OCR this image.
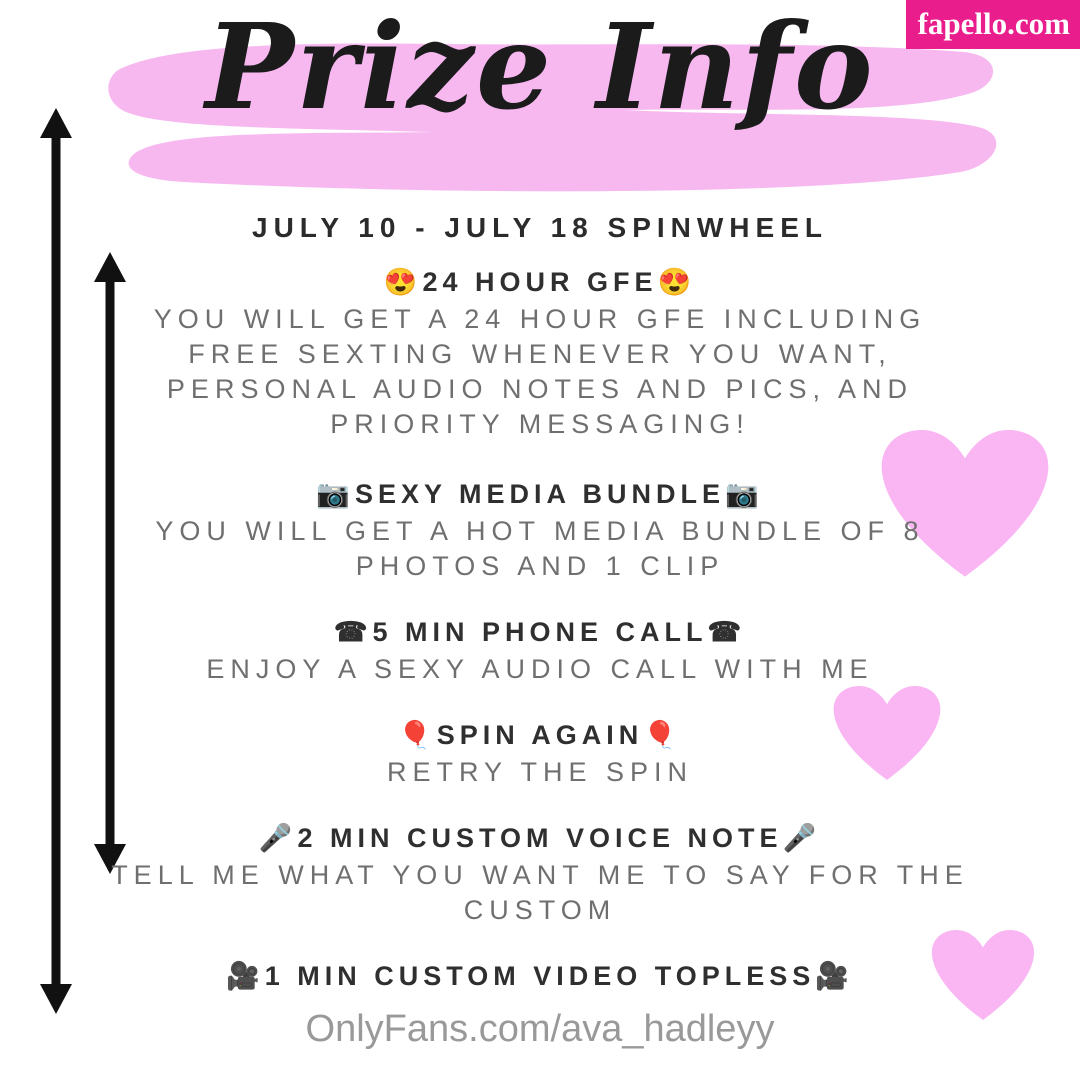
fapello.com
Prize Info

JULY 10 - JULY 18 SPINWHEEL

😍24 HOUR GFE😍

YOU WILL GET A 24 HOUR GFE INCLUDING FREE SEXTING WHENEVER YOU WANT, PERSONAL AUDIO NOTES AND PICS, AND PRIORITY MESSAGING!

📷SEXY MEDIA BUNDLE📷

YOU WILL GET A HOT MEDIA BUNDLE OF 8 PHOTOS AND 1 CLIP

☎5 MIN PHONE CALL☎

ENJOY A SEXY AUDIO CALL WITH ME

🎈SPIN AGAIN🎈

RETRY THE SPIN

🎤2 MIN CUSTOM VOICE NOTE🎤

TELL ME WHAT YOU WANT ME TO SAY FOR THE CUSTOM

🎥1 MIN CUSTOM VIDEO TOPLESS🎥

OnlyFans.com/ava_hadleyy
